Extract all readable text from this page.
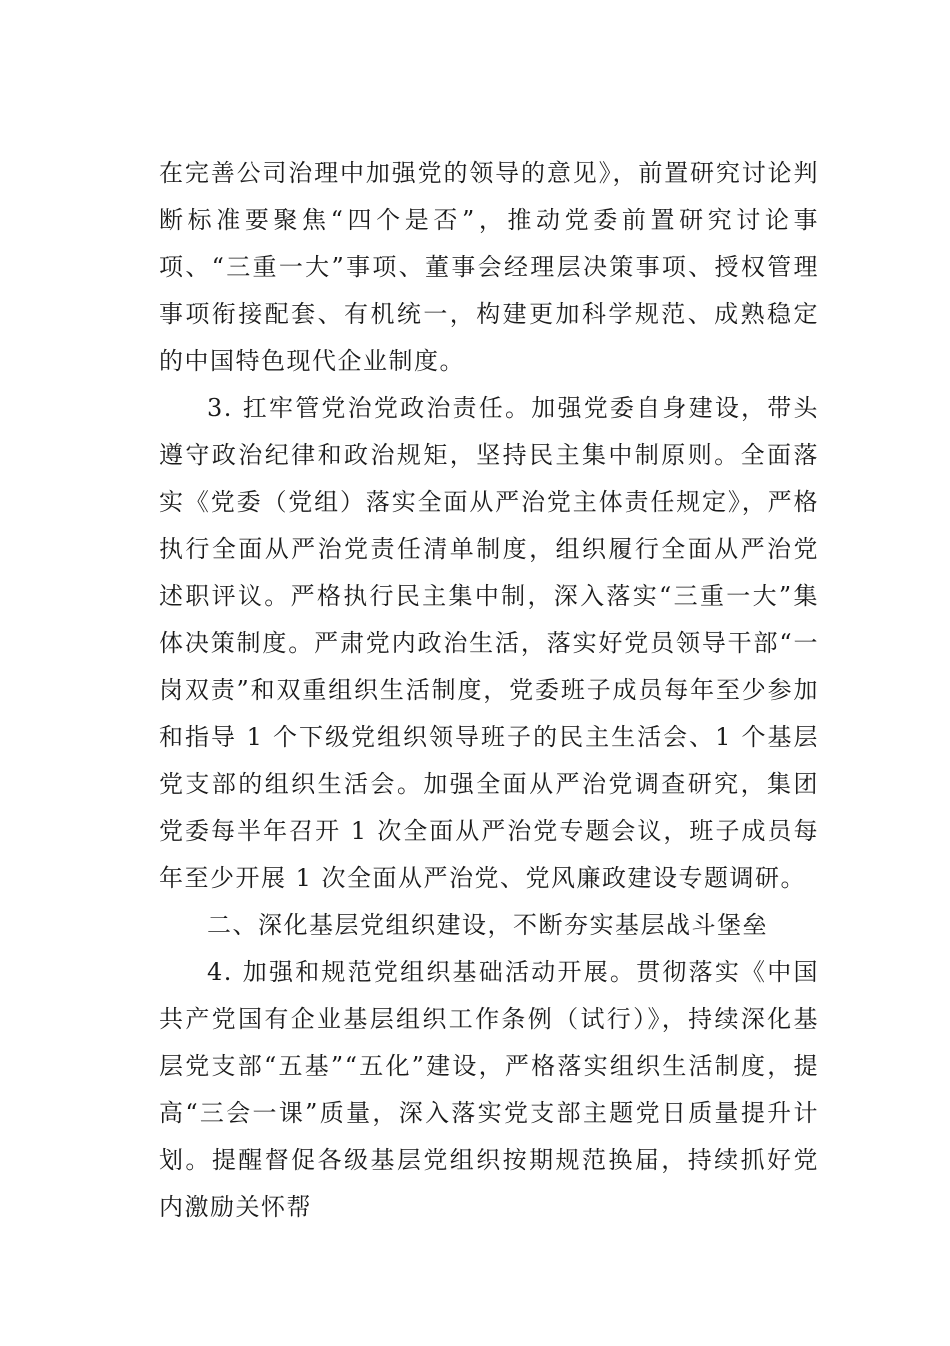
在完善公司治理中加强党的领导的意见》，前置研究讨论判断标准要聚焦“四个是否”，推动党委前置研究讨论事项、“三重一大”事项、董事会经理层决策事项、授权管理事项衔接配套、有机统一，构建更加科学规范、成熟稳定的中国特色现代企业制度。

3. 扛牢管党治党政治责任。加强党委自身建设，带头遵守政治纪律和政治规矩，坚持民主集中制原则。全面落实《党委（党组）落实全面从严治党主体责任规定》，严格执行全面从严治党责任清单制度，组织履行全面从严治党述职评议。严格执行民主集中制，深入落实“三重一大”集体决策制度。严肃党内政治生活，落实好党员领导干部“一岗双责”和双重组织生活制度，党委班子成员每年至少参加和指导 1 个下级党组织领导班子的民主生活会、1 个基层党支部的组织生活会。加强全面从严治党调查研究，集团党委每半年召开 1 次全面从严治党专题会议，班子成员每年至少开展 1 次全面从严治党、党风廉政建设专题调研。

二、深化基层党组织建设，不断夯实基层战斗堡垒

4. 加强和规范党组织基础活动开展。贯彻落实《中国共产党国有企业基层组织工作条例（试行）》，持续深化基层党支部“五基”“五化”建设，严格落实组织生活制度，提高“三会一课”质量，深入落实党支部主题党日质量提升计划。提醒督促各级基层党组织按期规范换届，持续抓好党内激励关怀帮
